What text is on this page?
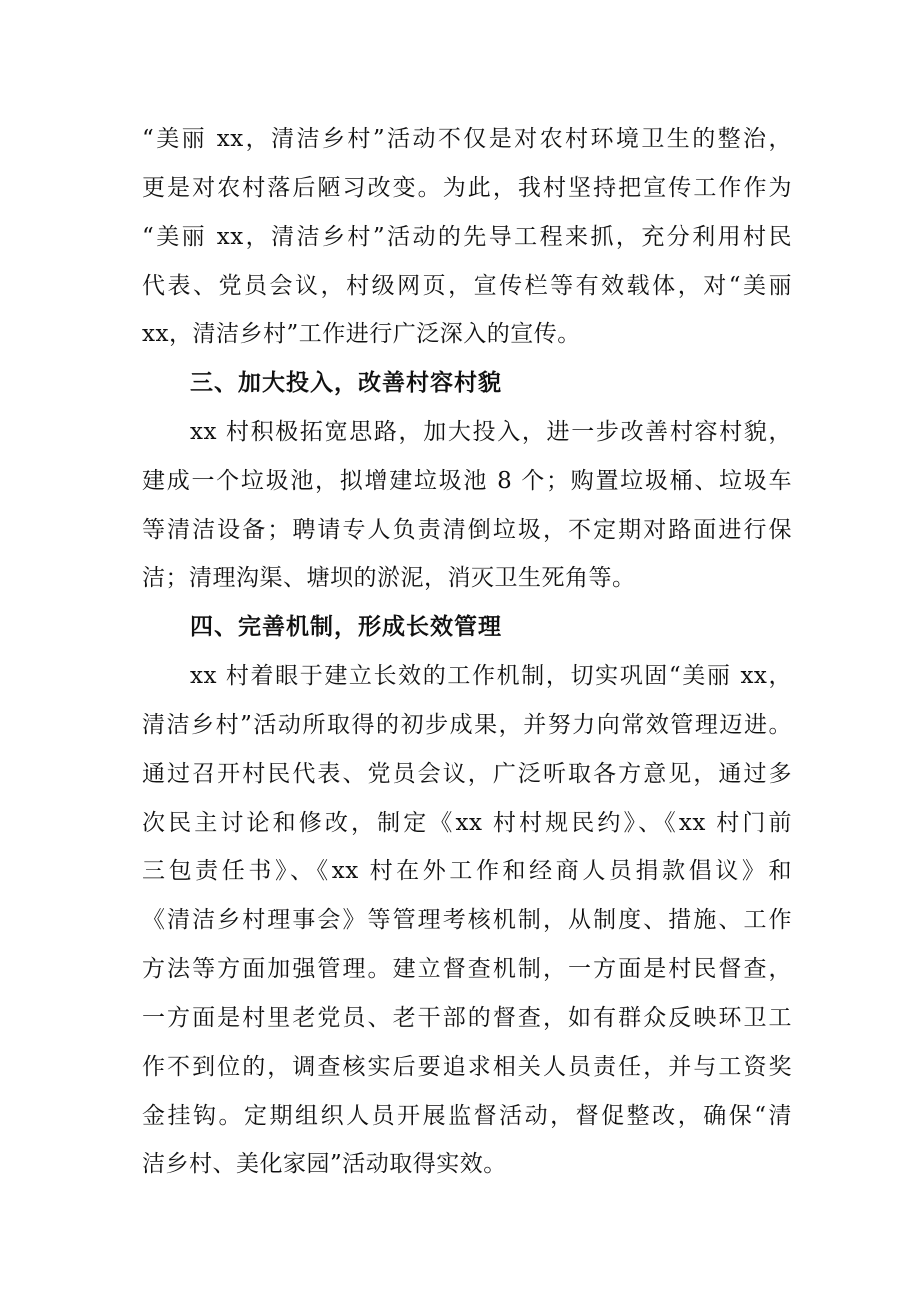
“美丽 xx，清洁乡村”活动不仅是对农村环境卫生的整治，
更是对农村落后陋习改变。为此，我村坚持把宣传工作作为
“美丽 xx，清洁乡村”活动的先导工程来抓，充分利用村民
代表、党员会议，村级网页，宣传栏等有效载体，对“美丽
xx，清洁乡村”工作进行广泛深入的宣传。
三、加大投入，改善村容村貌
xx 村积极拓宽思路，加大投入，进一步改善村容村貌，
建成一个垃圾池，拟增建垃圾池 8 个；购置垃圾桶、垃圾车
等清洁设备；聘请专人负责清倒垃圾，不定期对路面进行保
洁；清理沟渠、塘坝的淤泥，消灭卫生死角等。
四、完善机制，形成长效管理
xx 村着眼于建立长效的工作机制，切实巩固“美丽 xx，
清洁乡村”活动所取得的初步成果，并努力向常效管理迈进。
通过召开村民代表、党员会议，广泛听取各方意见，通过多
次民主讨论和修改，制定《xx 村村规民约》、《xx 村门前
三包责任书》、《xx 村在外工作和经商人员捐款倡议》和
《清洁乡村理事会》等管理考核机制，从制度、措施、工作
方法等方面加强管理。建立督查机制，一方面是村民督查，
一方面是村里老党员、老干部的督查，如有群众反映环卫工
作不到位的，调查核实后要追求相关人员责任，并与工资奖
金挂钩。定期组织人员开展监督活动，督促整改，确保“清
洁乡村、美化家园”活动取得实效。
